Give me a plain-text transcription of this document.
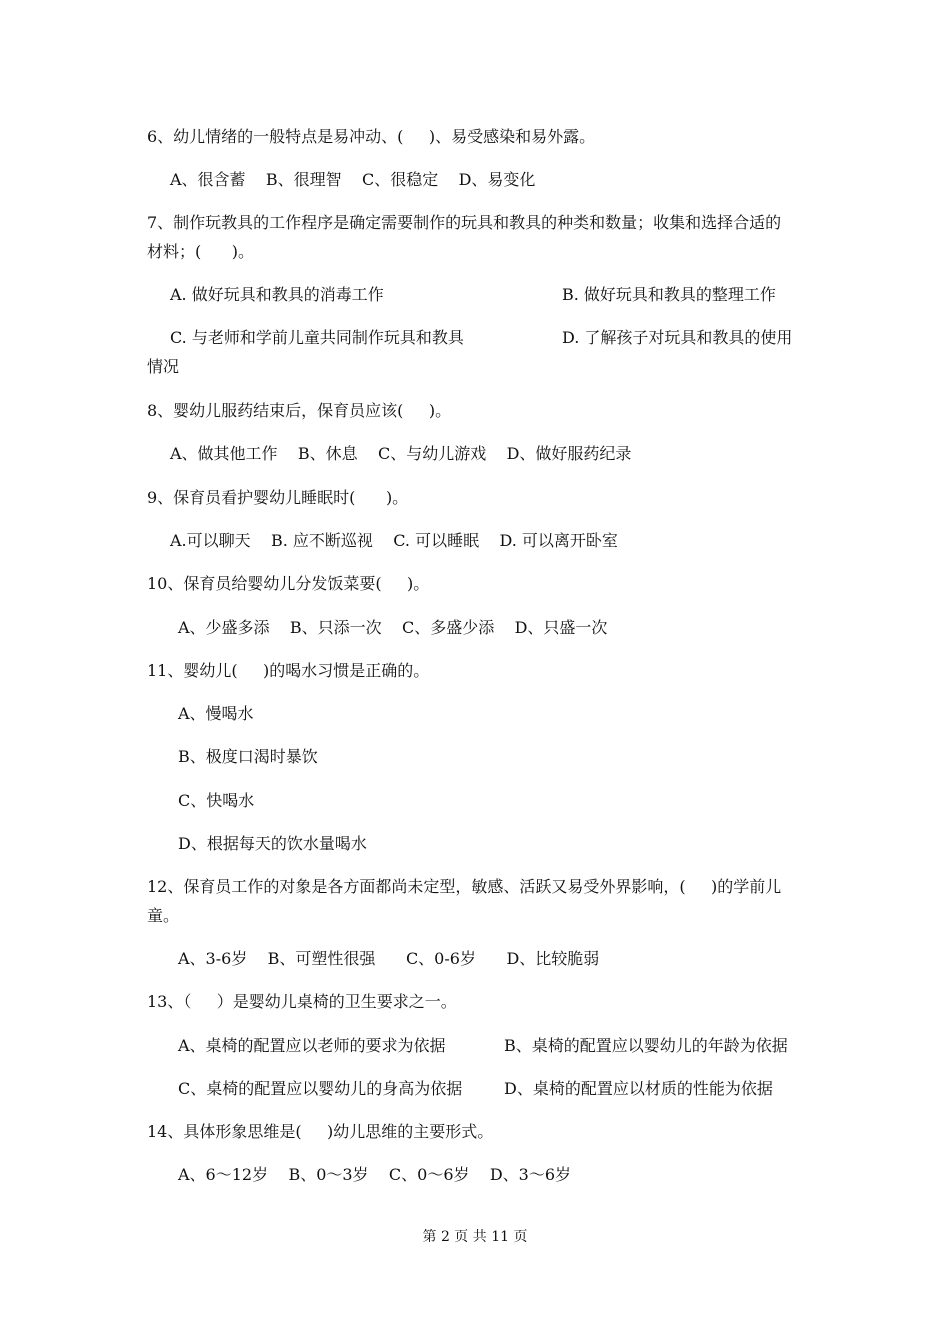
6、幼儿情绪的一般特点是易冲动、(     )、易受感染和易外露。
A、很含蓄    B、很理智    C、很稳定    D、易变化
7、制作玩教具的工作程序是确定需要制作的玩具和教具的种类和数量；收集和选择合适的
材料；(      )。
A. 做好玩具和教具的消毒工作	B. 做好玩具和教具的整理工作
C. 与老师和学前儿童共同制作玩具和教具	D. 了解孩子对玩具和教具的使用
情况
8、婴幼儿服药结束后，保育员应该(     )。
A、做其他工作    B、休息    C、与幼儿游戏    D、做好服药纪录
9、保育员看护婴幼儿睡眠时(      )。
A.可以聊天    B. 应不断巡视    C. 可以睡眠    D. 可以离开卧室
10、保育员给婴幼儿分发饭菜要(     )。
A、少盛多添    B、只添一次    C、多盛少添    D、只盛一次
11、婴幼儿(     )的喝水习惯是正确的。
A、慢喝水
B、极度口渴时暴饮
C、快喝水
D、根据每天的饮水量喝水
12、保育员工作的对象是各方面都尚未定型，敏感、活跃又易受外界影响，(     )的学前儿
童。
A、3-6岁    B、可塑性很强      C、0-6岁      D、比较脆弱
13、（     ）是婴幼儿桌椅的卫生要求之一。
A、桌椅的配置应以老师的要求为依据	B、桌椅的配置应以婴幼儿的年龄为依据
C、桌椅的配置应以婴幼儿的身高为依据	D、桌椅的配置应以材质的性能为依据
14、具体形象思维是(     )幼儿思维的主要形式。
A、6～12岁    B、0～3岁    C、0～6岁    D、3～6岁
第 2 页 共 11 页
